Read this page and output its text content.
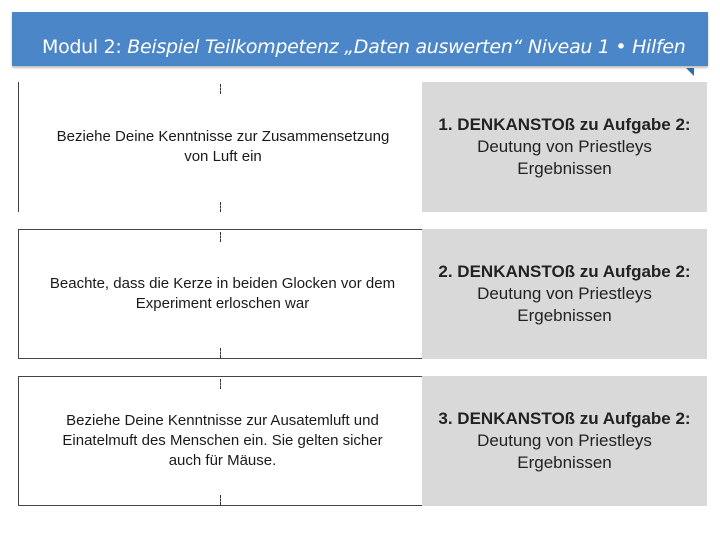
Modul 2: Beispiel Teilkompetenz „Daten auswerten“ Niveau 1 • Hilfen
Beziehe Deine Kenntnisse zur Zusammensetzung
von Luft ein
1. DENKANSTOß zu Aufgabe 2:
Deutung von Priestleys
Ergebnissen
Beachte, dass die Kerze in beiden Glocken vor dem
Experiment erloschen war
2. DENKANSTOß zu Aufgabe 2:
Deutung von Priestleys
Ergebnissen
Beziehe Deine Kenntnisse zur Ausatemluft und
Einatelmuft des Menschen ein. Sie gelten sicher
auch für Mäuse.
3. DENKANSTOß zu Aufgabe 2:
Deutung von Priestleys
Ergebnissen
